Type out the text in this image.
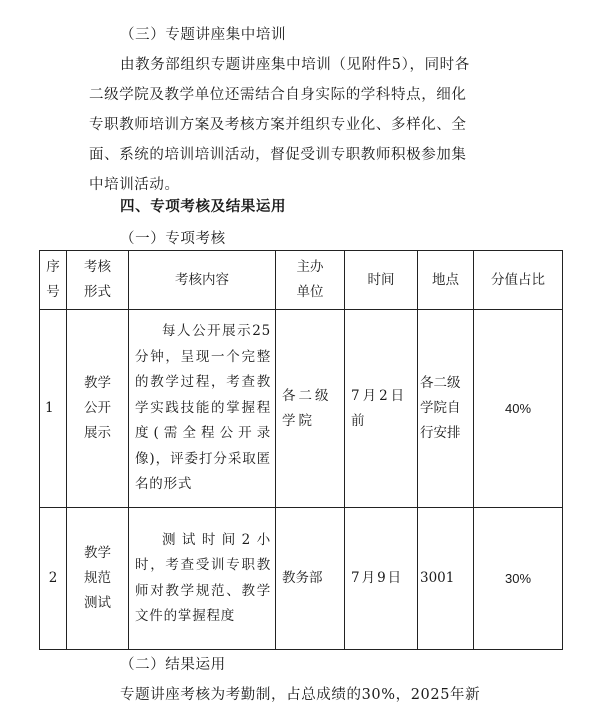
（三）专题讲座集中培训
由教务部组织专题讲座集中培训（见附件5），同时各
二级学院及教学单位还需结合自身实际的学科特点，细化
专职教师培训方案及考核方案并组织专业化、多样化、全
面、系统的培训培训活动，督促受训专职教师积极参加集
中培训活动。
四、专项考核及结果运用
（一）专项考核
序
号	考核
形式	考核内容	主办
单位	时间	地点	分值占比

1	教学
公开
展示	每人公开展示25分钟，呈现一个完整的教学过程，考查教学实践技能的掌握程度(需全程公开录像)，评委打分采取匿名的形式	各二级
学院	7月2日
前	各二级
学院自
行安排	40%

2	教学
规范
测试	测试时间2小时，考查受训专职教师对教学规范、教学文件的掌握程度	教务部	7月9日	3001	30%
（二）结果运用
专题讲座考核为考勤制，占总成绩的30%，2025年新
